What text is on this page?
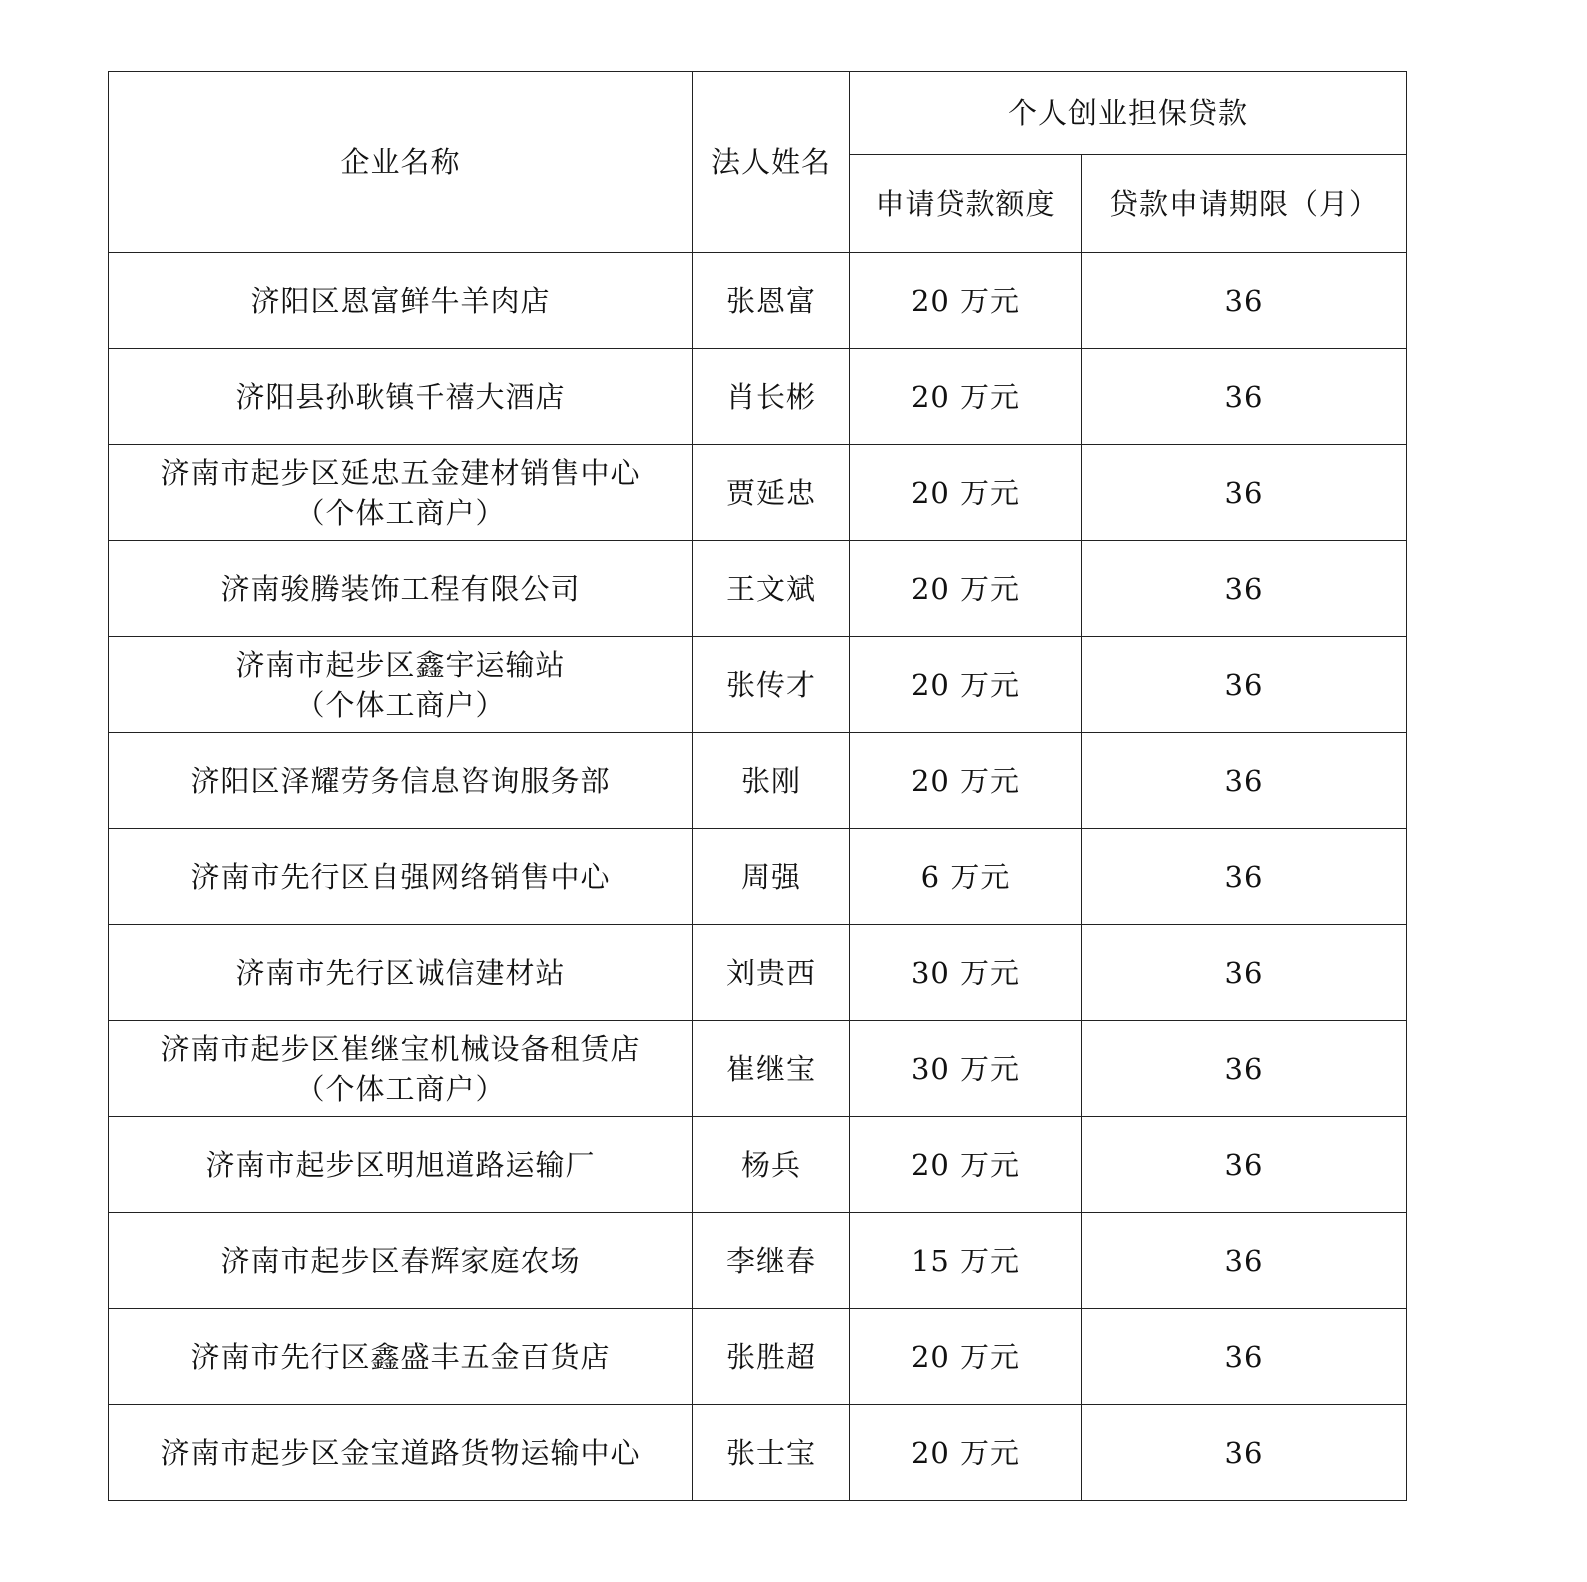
企业名称	法人姓名	个人创业担保贷款	
		申请贷款额度	贷款申请期限（月）

济阳区恩富鲜牛羊肉店	张恩富	20 万元	36

济阳县孙耿镇千禧大酒店	肖长彬	20 万元	36

济南市起步区延忠五金建材销售中心
（个体工商户）	贾延忠	20 万元	36

济南骏腾装饰工程有限公司	王文斌	20 万元	36

济南市起步区鑫宇运输站
（个体工商户）	张传才	20 万元	36

济阳区泽耀劳务信息咨询服务部	张刚	20 万元	36

济南市先行区自强网络销售中心	周强	6 万元	36

济南市先行区诚信建材站	刘贵西	30 万元	36

济南市起步区崔继宝机械设备租赁店
（个体工商户）	崔继宝	30 万元	36

济南市起步区明旭道路运输厂	杨兵	20 万元	36

济南市起步区春辉家庭农场	李继春	15 万元	36

济南市先行区鑫盛丰五金百货店	张胜超	20 万元	36

济南市起步区金宝道路货物运输中心	张士宝	20 万元	36
